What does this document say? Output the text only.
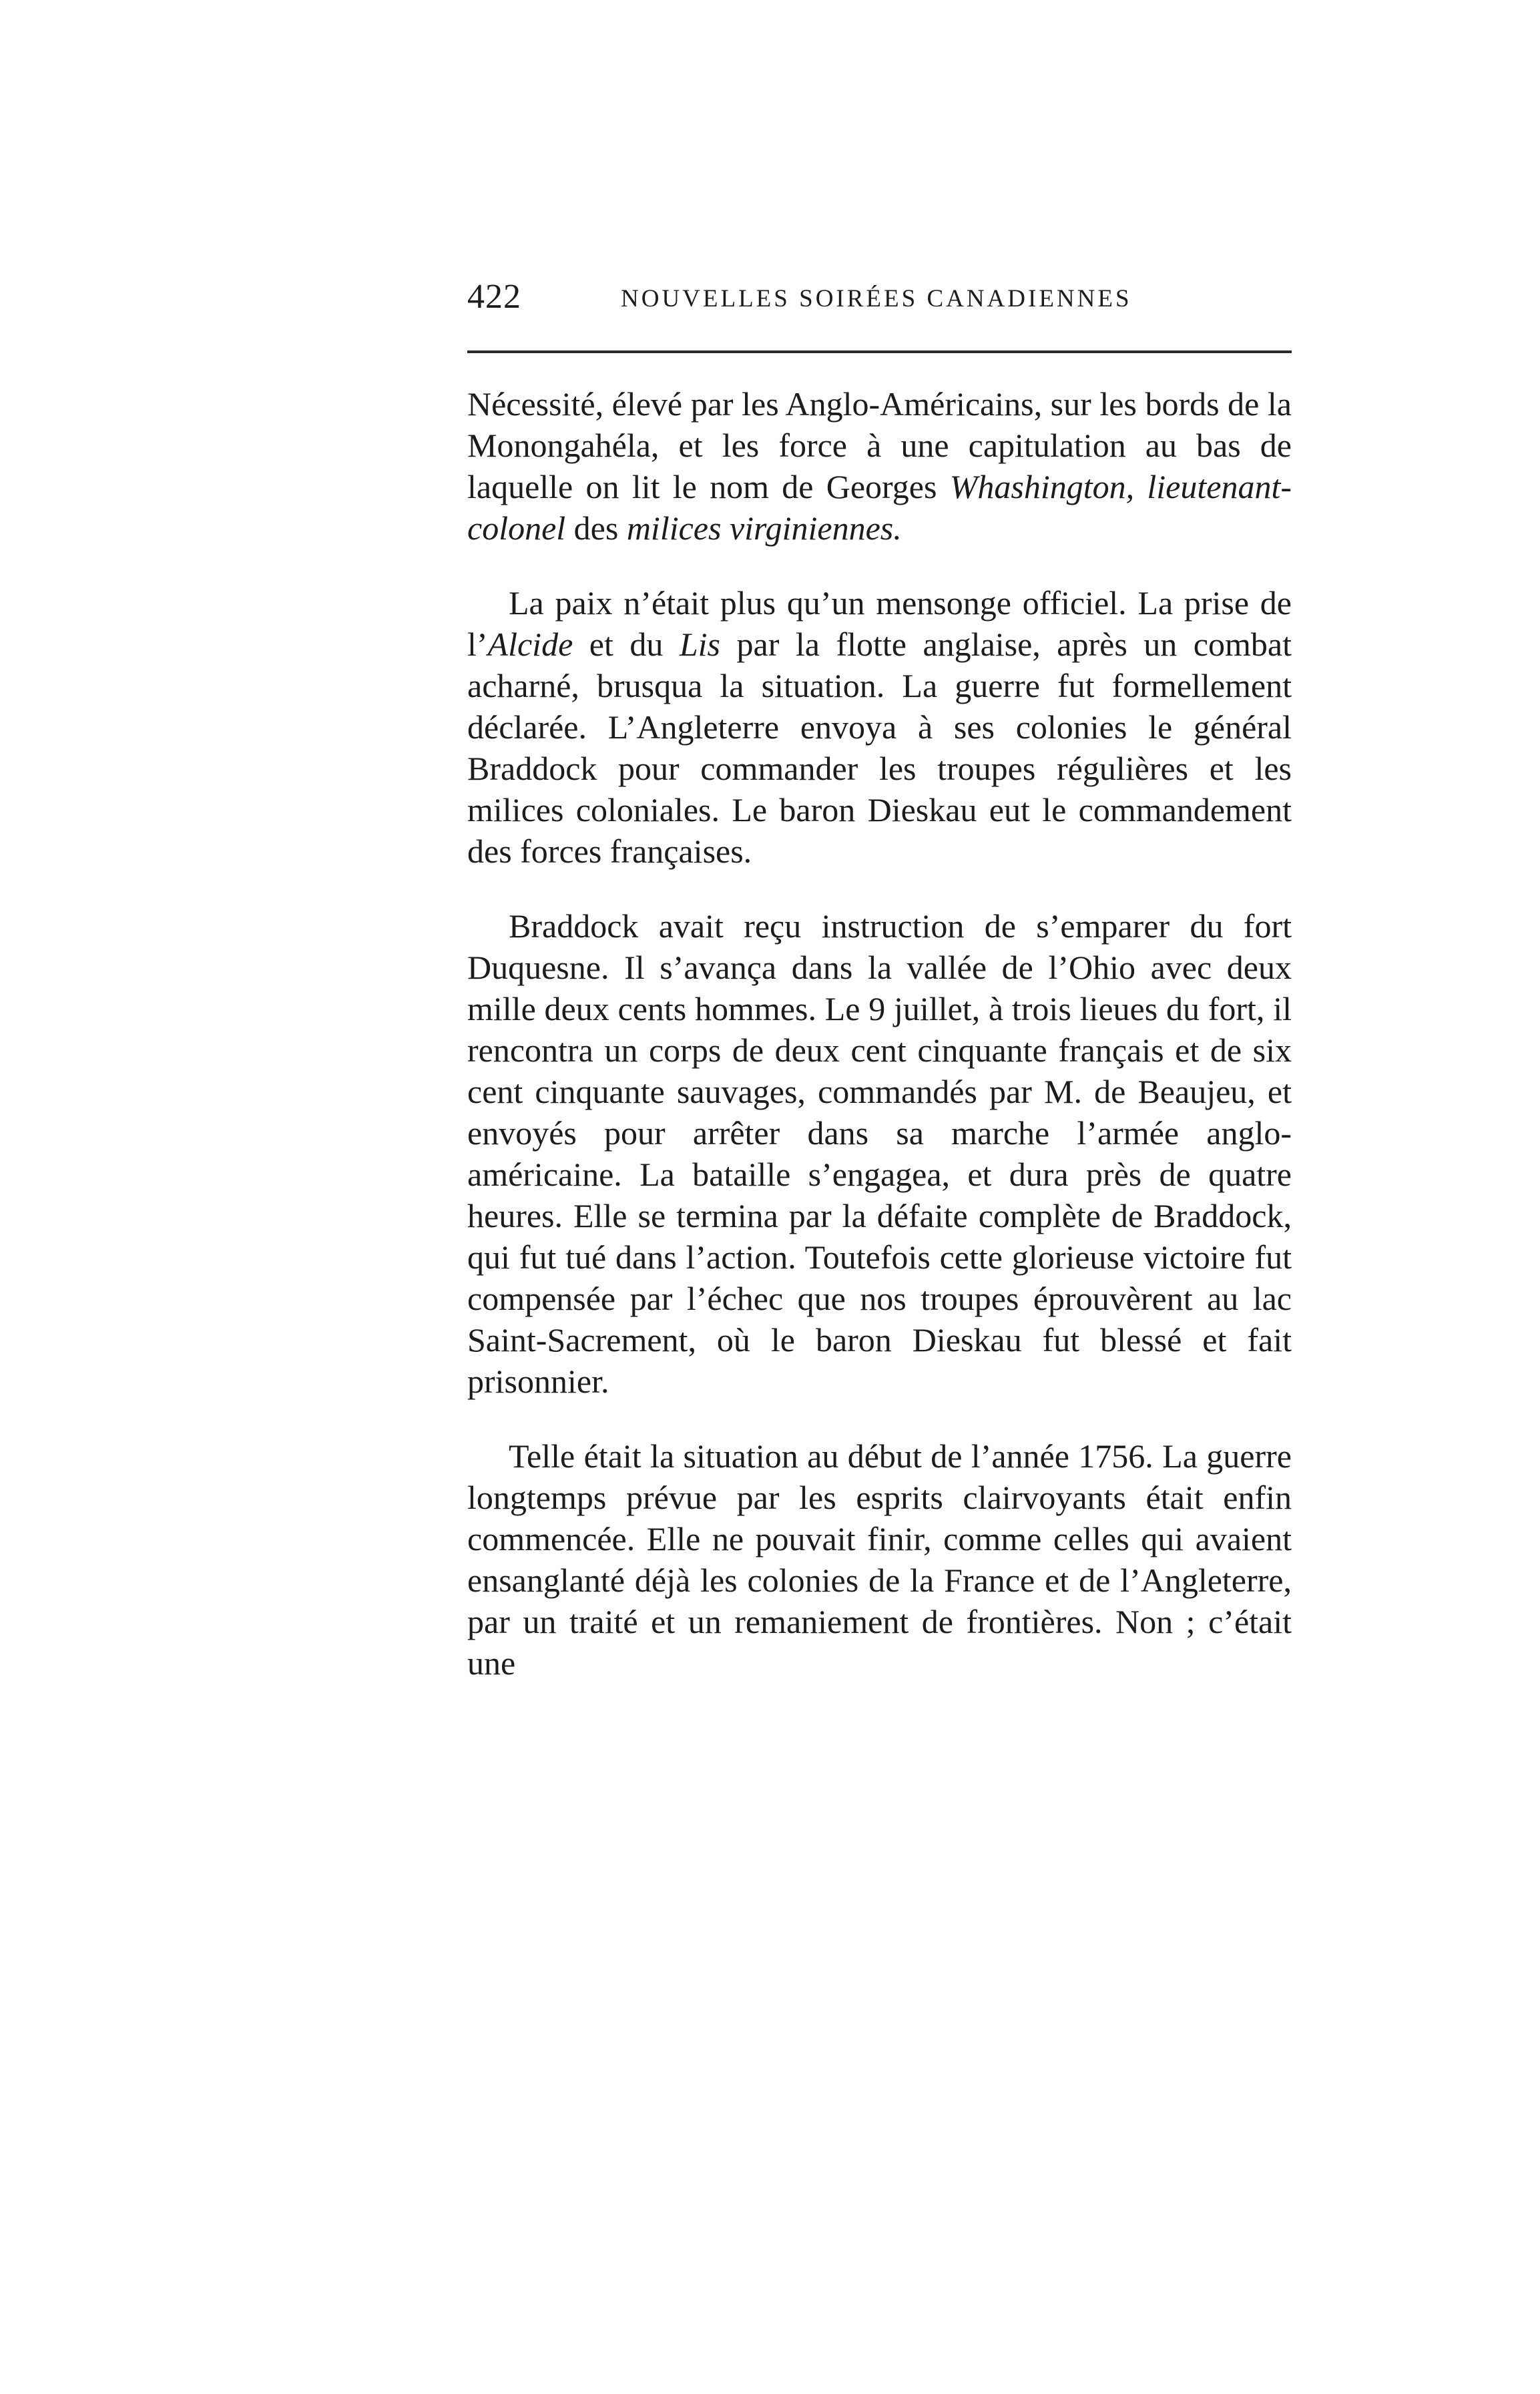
422	NOUVELLES SOIRÉES CANADIENNES

Nécessité, élevé par les Anglo-Américains, sur les bords de la Monongahéla, et les force à une capitulation au bas de laquelle on lit le nom de Georges Whashington, lieutenant-colonel des milices virginiennes.

La paix n’était plus qu’un mensonge officiel. La prise de l’Alcide et du Lis par la flotte anglaise, après un combat acharné, brusqua la situation. La guerre fut formellement déclarée. L’Angleterre envoya à ses colonies le général Braddock pour commander les troupes régulières et les milices coloniales. Le baron Dieskau eut le commandement des forces françaises.

Braddock avait reçu instruction de s’emparer du fort Duquesne. Il s’avança dans la vallée de l’Ohio avec deux mille deux cents hommes. Le 9 juillet, à trois lieues du fort, il rencontra un corps de deux cent cinquante français et de six cent cinquante sauvages, commandés par M. de Beaujeu, et envoyés pour arrêter dans sa marche l’armée anglo-américaine. La bataille s’engagea, et dura près de quatre heures. Elle se termina par la défaite complète de Braddock, qui fut tué dans l’action. Toutefois cette glorieuse victoire fut compensée par l’échec que nos troupes éprouvèrent au lac Saint-Sacrement, où le baron Dieskau fut blessé et fait prisonnier.

Telle était la situation au début de l’année 1756. La guerre longtemps prévue par les esprits clairvoyants était enfin commencée. Elle ne pouvait finir, comme celles qui avaient ensanglanté déjà les colonies de la France et de l’Angleterre, par un traité et un remaniement de frontières. Non ; c’était une
